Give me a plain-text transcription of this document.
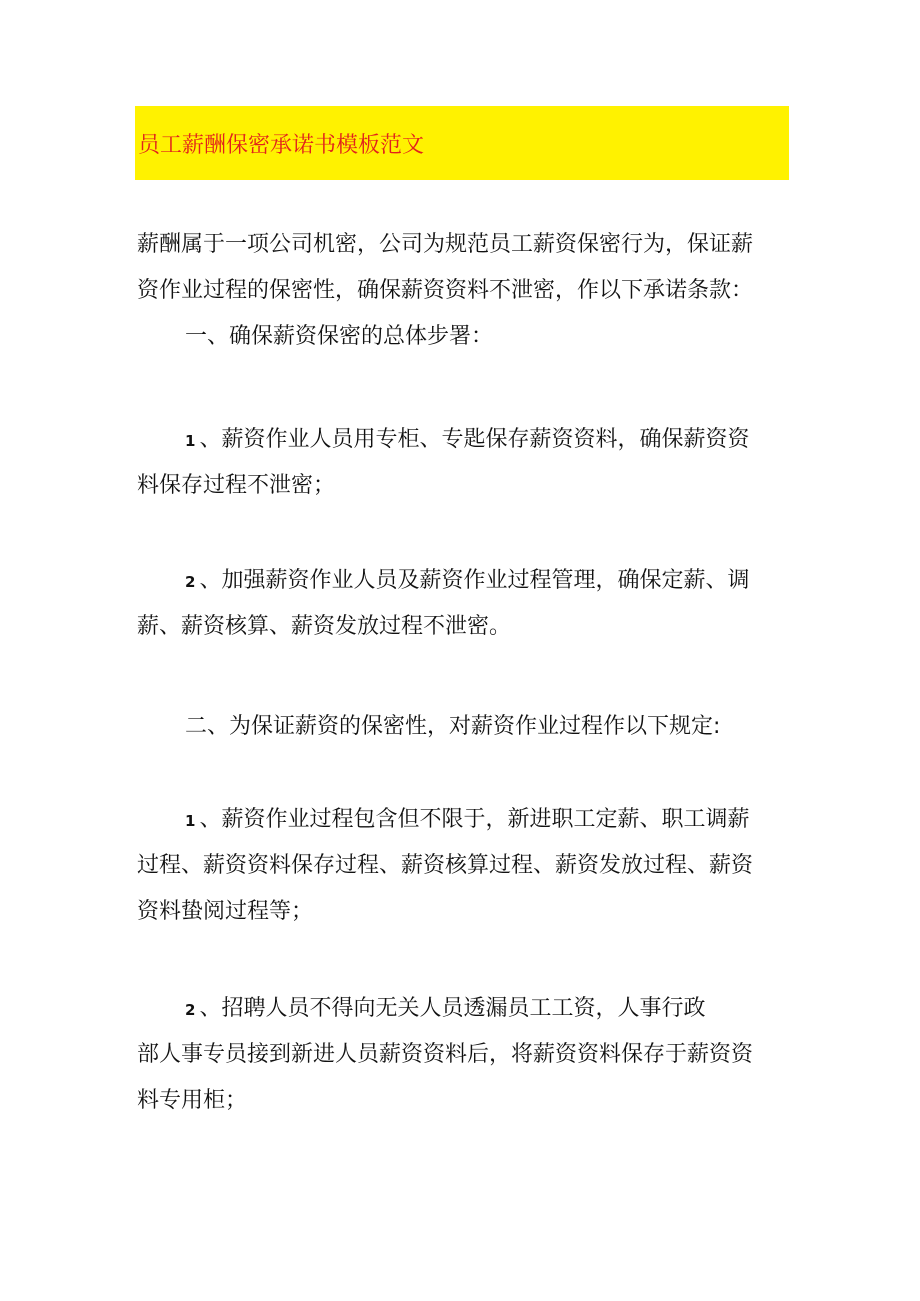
员工薪酬保密承诺书模板范文
薪酬属于一项公司机密，公司为规范员工薪资保密行为，保证薪
资作业过程的保密性，确保薪资资料不泄密，作以下承诺条款：
一、确保薪资保密的总体步署：
1 、薪资作业人员用专柜、专匙保存薪资资料，确保薪资资
料保存过程不泄密；
2 、加强薪资作业人员及薪资作业过程管理，确保定薪、调
薪、薪资核算、薪资发放过程不泄密。
二、为保证薪资的保密性，对薪资作业过程作以下规定:
1 、薪资作业过程包含但不限于，新进职工定薪、职工调薪
过程、薪资资料保存过程、薪资核算过程、薪资发放过程、薪资
资料蛰阅过程等；
2 、招聘人员不得向无关人员透漏员工工资，人事行政
部人事专员接到新进人员薪资资料后，将薪资资料保存于薪资资
料专用柜；
